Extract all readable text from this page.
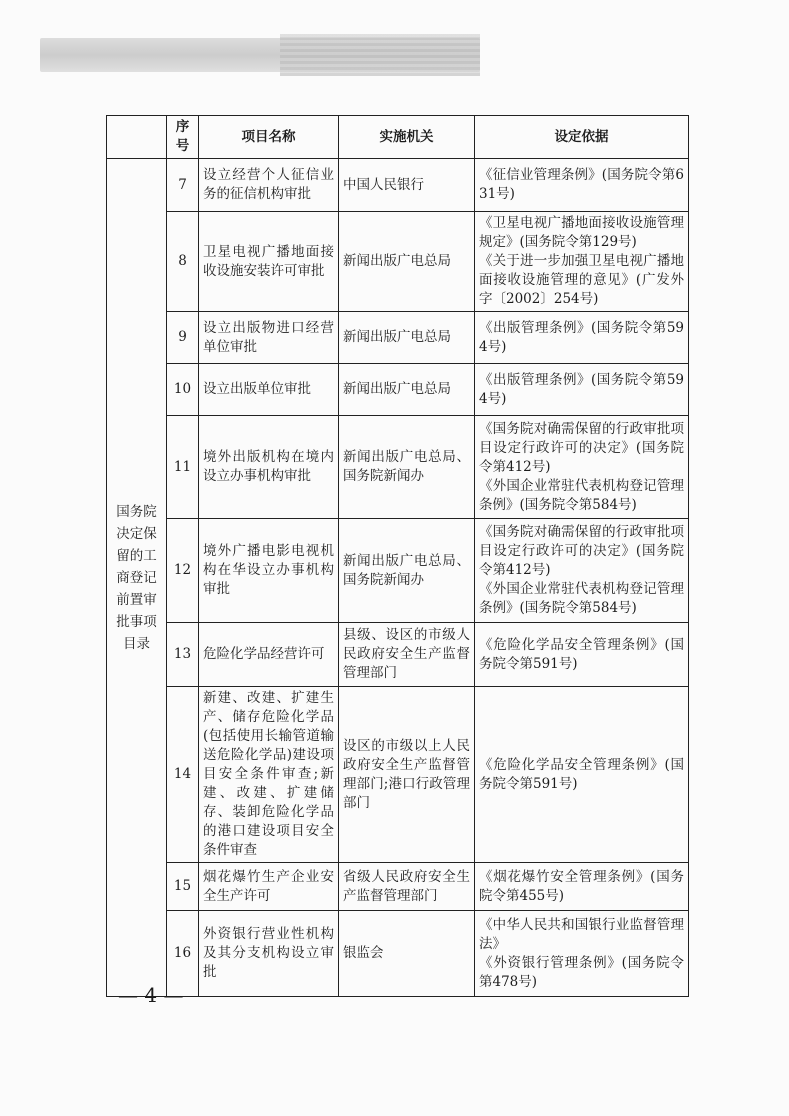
	序号	项目名称	实施机关	设定依据
国务院决定保留的工商登记前置审批事项目录	7	设立经营个人征信业务的征信机构审批	中国人民银行	《征信业管理条例》(国务院令第631号)

	8	卫星电视广播地面接收设施安装许可审批	新闻出版广电总局	《卫星电视广播地面接收设施管理规定》(国务院令第129号)
《关于进一步加强卫星电视广播地面接收设施管理的意见》(广发外字〔2002〕254号)

	9	设立出版物进口经营单位审批	新闻出版广电总局	《出版管理条例》(国务院令第594号)

	10	设立出版单位审批	新闻出版广电总局	《出版管理条例》(国务院令第594号)

	11	境外出版机构在境内设立办事机构审批	新闻出版广电总局、国务院新闻办	《国务院对确需保留的行政审批项目设定行政许可的决定》(国务院令第412号)
《外国企业常驻代表机构登记管理条例》(国务院令第584号)

	12	境外广播电影电视机构在华设立办事机构审批	新闻出版广电总局、国务院新闻办	《国务院对确需保留的行政审批项目设定行政许可的决定》(国务院令第412号)
《外国企业常驻代表机构登记管理条例》(国务院令第584号)

	13	危险化学品经营许可	县级、设区的市级人民政府安全生产监督管理部门	《危险化学品安全管理条例》(国务院令第591号)

	14	新建、改建、扩建生产、储存危险化学品(包括使用长输管道输送危险化学品)建设项目安全条件审查;新建、改建、扩建储存、装卸危险化学品的港口建设项目安全条件审查	设区的市级以上人民政府安全生产监督管理部门;港口行政管理部门	《危险化学品安全管理条例》(国务院令第591号)

	15	烟花爆竹生产企业安全生产许可	省级人民政府安全生产监督管理部门	《烟花爆竹安全管理条例》(国务院令第455号)

	16	外资银行营业性机构及其分支机构设立审批	银监会	《中华人民共和国银行业监督管理法》
《外资银行管理条例》(国务院令第478号)
— 4 —
